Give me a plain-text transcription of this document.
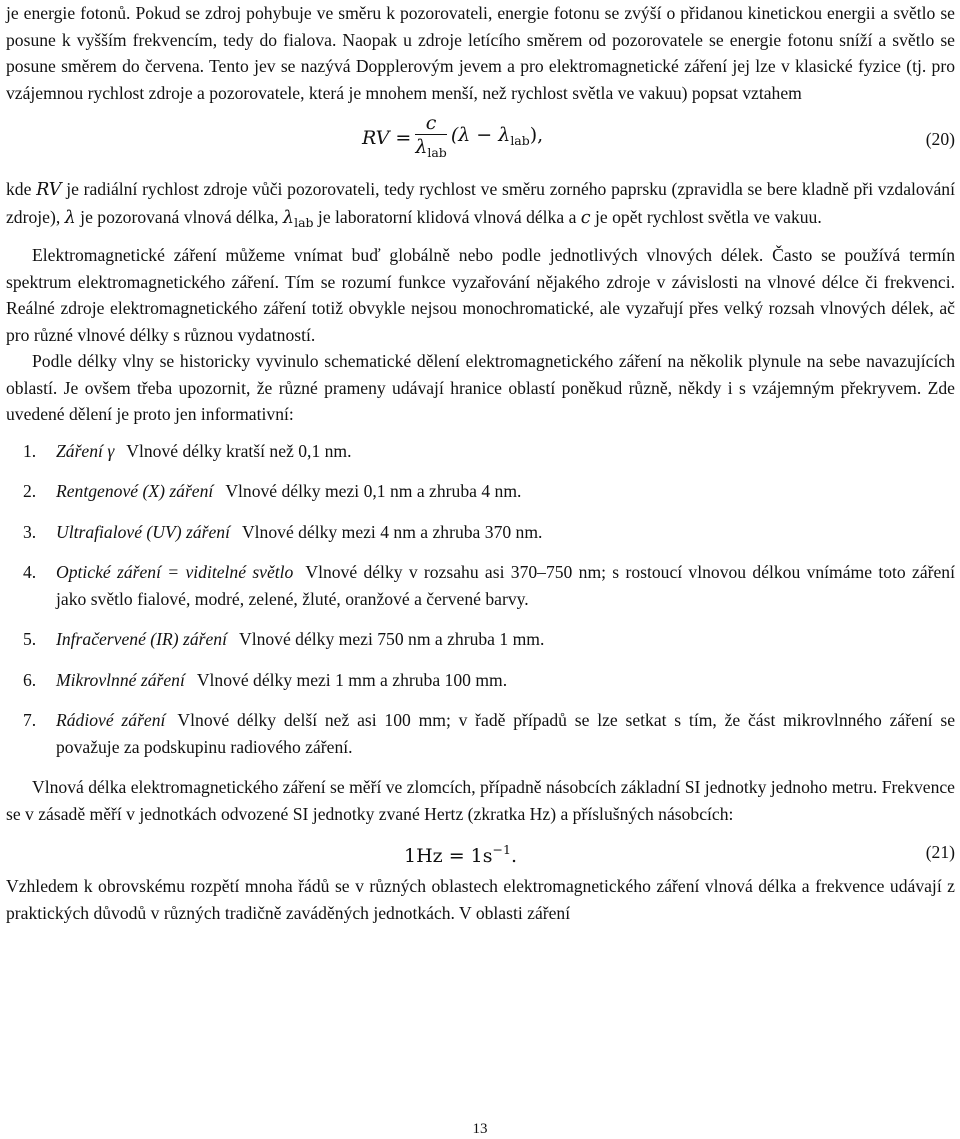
je energie fotonů. Pokud se zdroj pohybuje ve směru k pozorovateli, energie fotonu se zvýší o přidanou kinetickou energii a světlo se posune k vyšším frekvencím, tedy do fialova. Naopak u zdroje letícího směrem od pozorovatele se energie fotonu sníží a světlo se posune směrem do červena. Tento jev se nazývá Dopplerovým jevem a pro elektromagnetické záření jej lze v klasické fyzice (tj. pro vzájemnou rychlost zdroje a pozorovatele, která je mnohem menší, než rychlost světla ve vakuu) popsat vztahem

RV = $\frac{c}{\lambda_{lab}} (\lambda - \lambda_{lab})$,	(20)

kde RV je radiální rychlost zdroje vůči pozorovateli, tedy rychlost ve směru zorného paprsku (zpravidla se bere kladně při vzdalování zdroje), λ je pozorovaná vlnová délka, $\lambda_{lab}$ je laboratorní klidová vlnová délka a c je opět rychlost světla ve vakuu.

Elektromagnetické záření můžeme vnímat buď globálně nebo podle jednotlivých vlnových délek. Často se používá termín spektrum elektromagnetického záření. Tím se rozumí funkce vyzařování nějakého zdroje v závislosti na vlnové délce či frekvenci. Reálné zdroje elektromagnetického záření totiž obvykle nejsou monochromatické, ale vyzařují přes velký rozsah vlnových délek, ač pro různé vlnové délky s různou vydatností.

Podle délky vlny se historicky vyvinulo schematické dělení elektromagnetického záření na několik plynule na sebe navazujících oblastí. Je ovšem třeba upozornit, že různé prameny udávají hranice oblastí poněkud různě, někdy i s vzájemným překryvem. Zde uvedené dělení je proto jen informativní:

1.	Záření γ Vlnové délky kratší než 0,1 nm.
2.	Rentgenové (X) záření Vlnové délky mezi 0,1 nm a zhruba 4 nm.
3.	Ultrafialové (UV) záření Vlnové délky mezi 4 nm a zhruba 370 nm.
4.	Optické záření = viditelné světlo Vlnové délky v rozsahu asi 370–750 nm; s rostoucí vlnovou délkou vnímáme toto záření jako světlo fialové, modré, zelené, žluté, oranžové a červené barvy.
5.	Infračervené (IR) záření Vlnové délky mezi 750 nm a zhruba 1 mm.
6.	Mikrovlnné záření Vlnové délky mezi 1 mm a zhruba 100 mm.
7.	Rádiové záření Vlnové délky delší než asi 100 mm; v řadě případů se lze setkat s tím, že část mikrovlnného záření se považuje za podskupinu radiového záření.

Vlnová délka elektromagnetického záření se měří ve zlomcích, případně násobcích základní SI jednotky jednoho metru. Frekvence se v zásadě měří v jednotkách odvozené SI jednotky zvané Hertz (zkratka Hz) a příslušných násobcích:

$1Hz = 1s^{-1}$.	(21)

Vzhledem k obrovskému rozpětí mnoha řádů se v různých oblastech elektromagnetického záření vlnová délka a frekvence udávají z praktických důvodů v různých tradičně zaváděných jednotkách. V oblasti záření

13
